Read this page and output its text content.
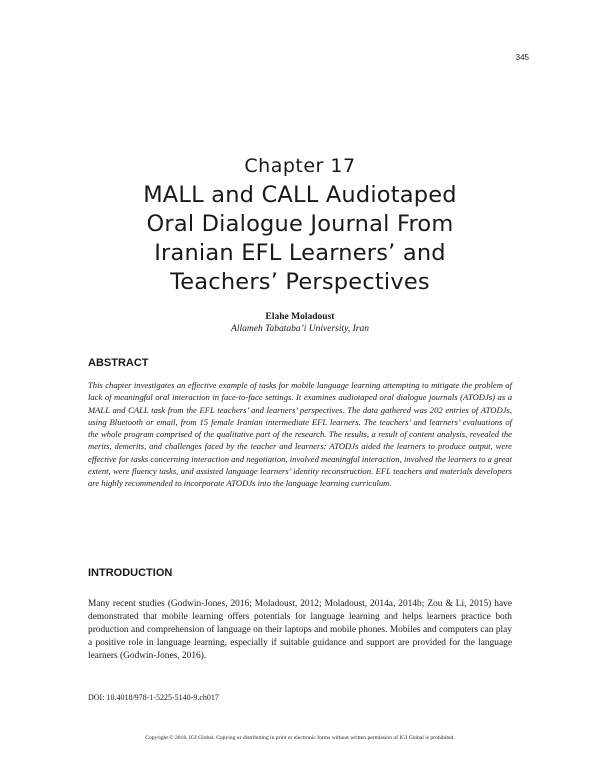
345
Chapter 17
MALL and CALL Audiotaped
Oral Dialogue Journal From
Iranian EFL Learners’ and
Teachers’ Perspectives
Elahe Moladoust
Allameh Tabataba’i University, Iran
ABSTRACT

This chapter investigates an effective example of tasks for mobile language learning attempting to mitigate the problem of lack of meaningful oral interaction in face-to-face settings. It examines audiotaped oral dialogue journals (ATODJs) as a MALL and CALL task from the EFL teachers’ and learners’ perspectives. The data gathered was 202 entries of ATODJs, using Bluetooth or email, from 15 female Iranian intermediate EFL learners. The teachers’ and learners’ evaluations of the whole program comprised of the qualitative part of the research. The results, a result of content analysis, revealed the merits, demerits, and challenges faced by the teacher and learners: ATODJs aided the learners to produce output, were effective for tasks concerning interaction and negotiation, involved meaningful interaction, involved the learners to a great extent, were fluency tasks, and assisted language learners’ identity reconstruction. EFL teachers and materials developers are highly recommended to incorporate ATODJs into the language learning curriculum.

INTRODUCTION

Many recent studies (Godwin-Jones, 2016; Moladoust, 2012; Moladoust, 2014a, 2014b; Zou & Li, 2015) have demonstrated that mobile learning offers potentials for language learning and helps learners practice both production and comprehension of language on their laptops and mobile phones. Mobiles and computers can play a positive role in language learning, especially if suitable guidance and support are provided for the language learners (Godwin-Jones, 2016).

DOI: 10.4018/978-1-5225-5140-9.ch017
Copyright © 2018, IGI Global. Copying or distributing in print or electronic forms without written permission of IGI Global is prohibited.
